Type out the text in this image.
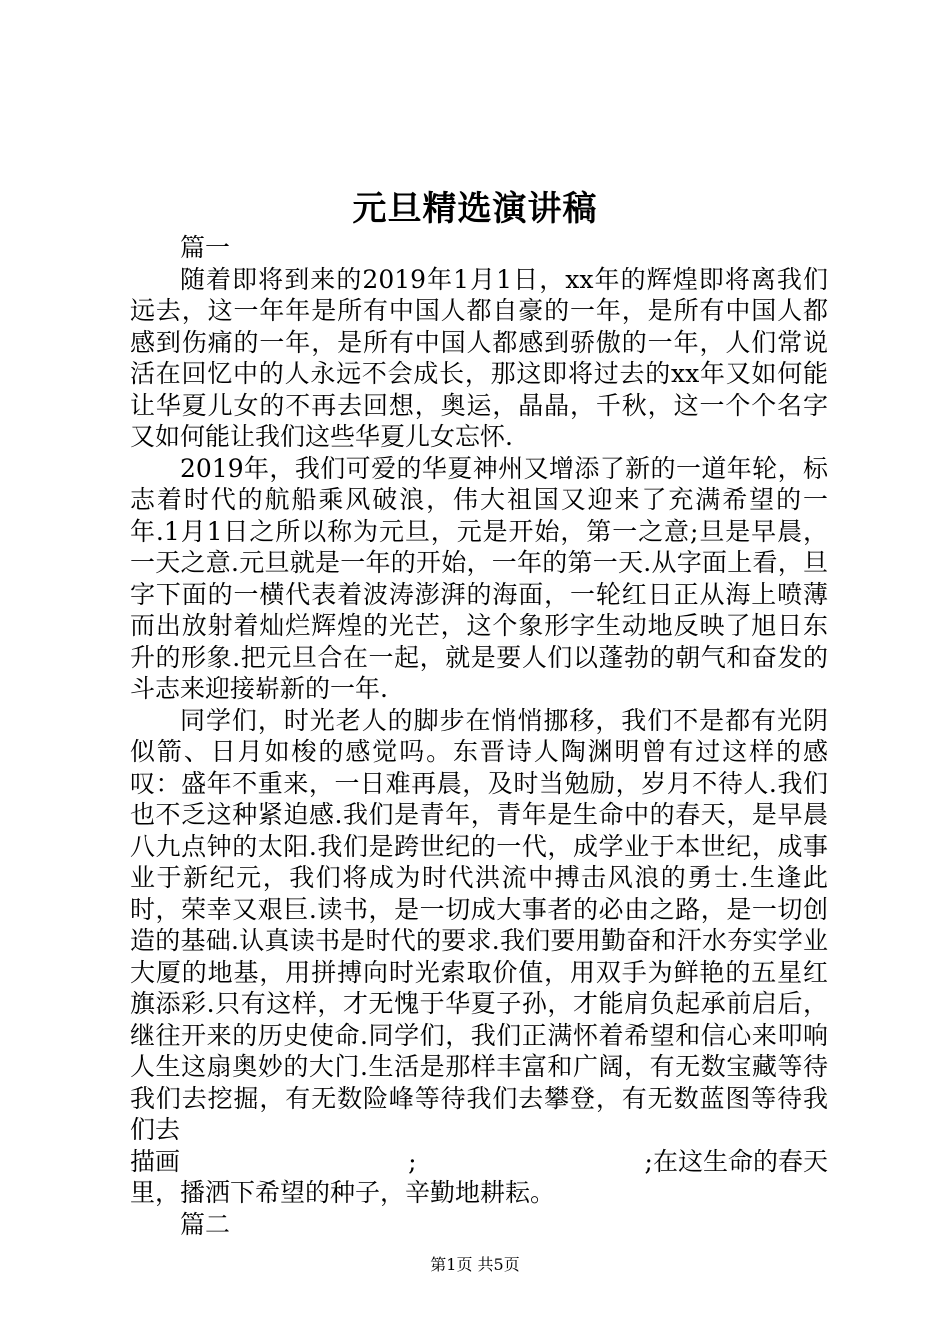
元旦精选演讲稿

篇一

随着即将到来的2019年1月1日，xx年的辉煌即将离我们远去，这一年年是所有中国人都自豪的一年，是所有中国人都感到伤痛的一年，是所有中国人都感到骄傲的一年，人们常说活在回忆中的人永远不会成长，那这即将过去的xx年又如何能让华夏儿女的不再去回想，奥运，晶晶，千秋，这一个个名字又如何能让我们这些华夏儿女忘怀.

2019年，我们可爱的华夏神州又增添了新的一道年轮，标志着时代的航船乘风破浪，伟大祖国又迎来了充满希望的一年.1月1日之所以称为元旦，元是开始，第一之意;旦是早晨，一天之意.元旦就是一年的开始，一年的第一天.从字面上看，旦字下面的一横代表着波涛澎湃的海面，一轮红日正从海上喷薄而出放射着灿烂辉煌的光芒，这个象形字生动地反映了旭日东升的形象.把元旦合在一起，就是要人们以蓬勃的朝气和奋发的斗志来迎接崭新的一年.

同学们，时光老人的脚步在悄悄挪移，我们不是都有光阴似箭、日月如梭的感觉吗。东晋诗人陶渊明曾有过这样的感叹：盛年不重来，一日难再晨，及时当勉励，岁月不待人.我们也不乏这种紧迫感.我们是青年，青年是生命中的春天，是早晨八九点钟的太阳.我们是跨世纪的一代，成学业于本世纪，成事业于新纪元，我们将成为时代洪流中搏击风浪的勇士.生逢此时，荣幸又艰巨.读书，是一切成大事者的必由之路，是一切创造的基础.认真读书是时代的要求.我们要用勤奋和汗水夯实学业大厦的地基，用拼搏向时光索取价值，用双手为鲜艳的五星红旗添彩.只有这样，才无愧于华夏子孙，才能肩负起承前启后，继往开来的历史使命.同学们，我们正满怀着希望和信心来叩响人生这扇奥妙的大门.生活是那样丰富和广阔，有无数宝藏等待我们去挖掘，有无数险峰等待我们去攀登，有无数蓝图等待我们去

描画	;	;在这生命的春天

里，播洒下希望的种子，辛勤地耕耘。

篇二

第1页 共5页
